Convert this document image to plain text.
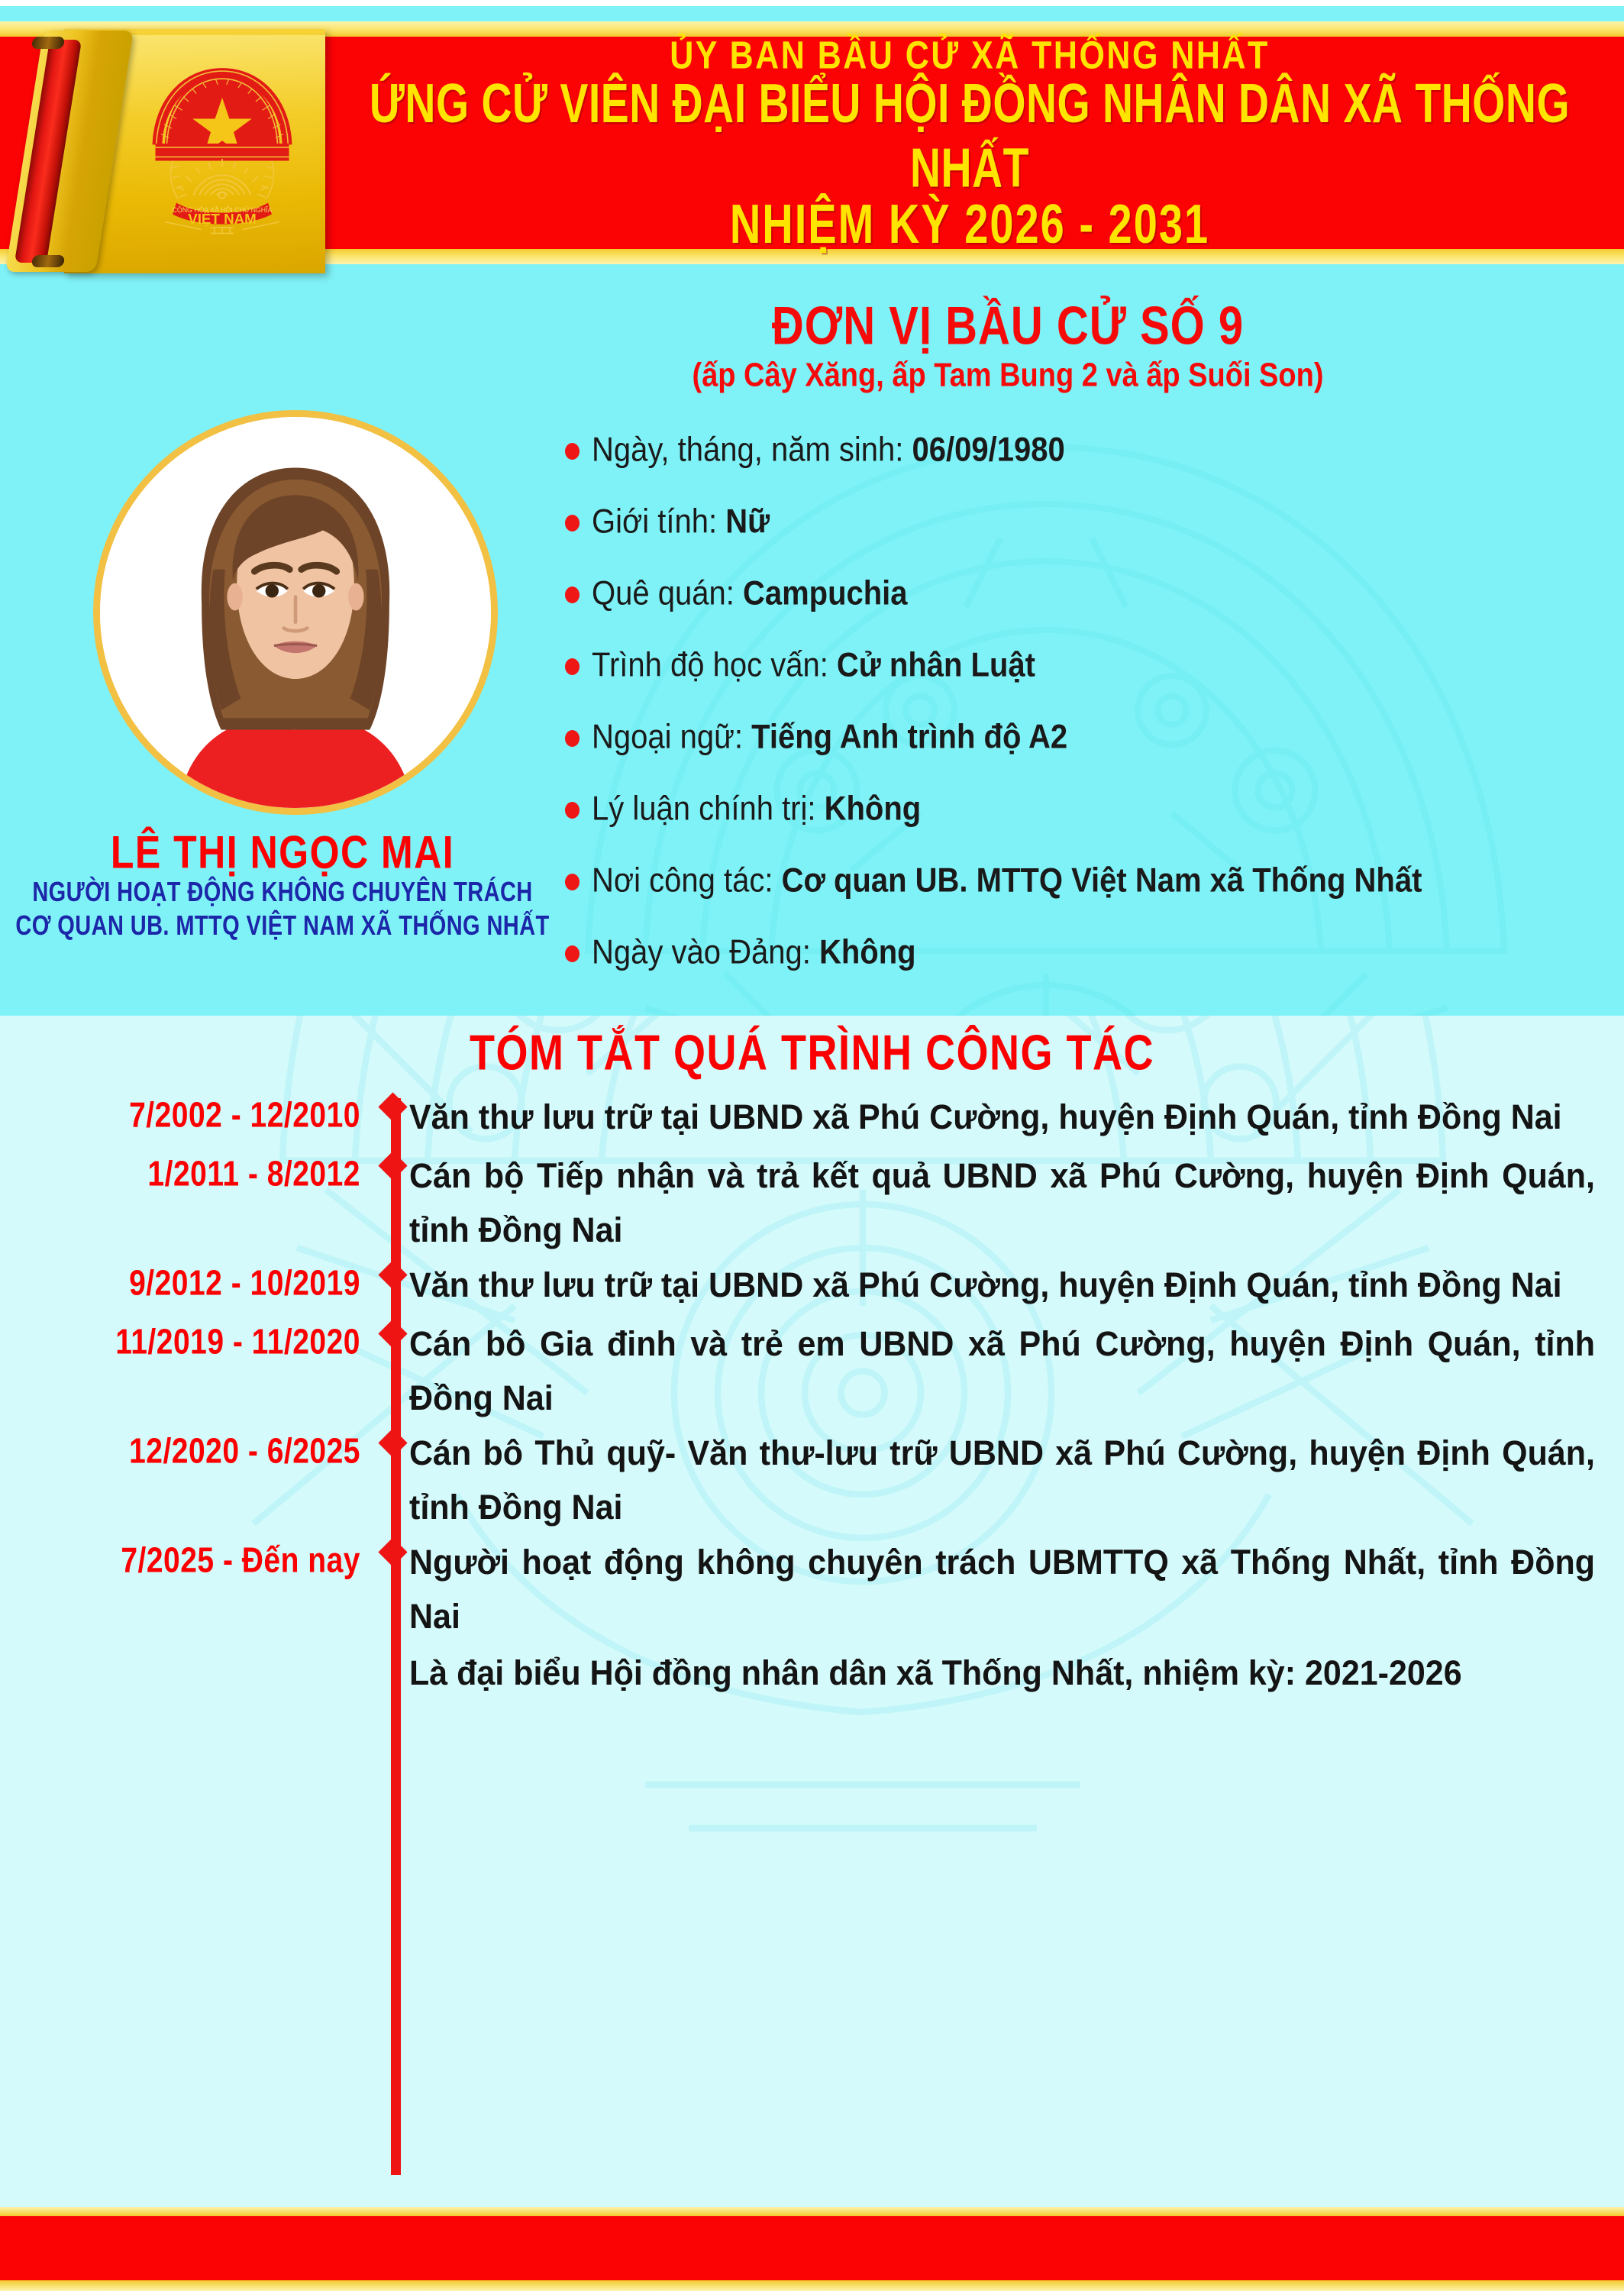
ỦY BAN BẦU CỬ XÃ THỐNG NHẤT
ỨNG CỬ VIÊN ĐẠI BIỂU HỘI ĐỒNG NHÂN DÂN XÃ THỐNG NHẤT
NHIỆM KỲ 2026 - 2031
CỘNG HÒA XÃ HỘI CHỦ NGHĨA
VIỆT NAM
ĐƠN VỊ BẦU CỬ SỐ 9
(ấp Cây Xăng, ấp Tam Bung 2 và ấp Suối Son)
LÊ THỊ NGỌC MAI
NGƯỜI HOẠT ĐỘNG KHÔNG CHUYÊN TRÁCH
CƠ QUAN UB. MTTQ VIỆT NAM XÃ THỐNG NHẤT
Ngày, tháng, năm sinh: 06/09/1980
Giới tính: Nữ
Quê quán: Campuchia
Trình độ học vấn: Cử nhân Luật
Ngoại ngữ: Tiếng Anh trình độ A2
Lý luận chính trị: Không
Nơi công tác: Cơ quan UB. MTTQ Việt Nam xã Thống Nhất
Ngày vào Đảng: Không
TÓM TẮT QUÁ TRÌNH CÔNG TÁC
7/2002 - 12/2010	Văn thư lưu trữ tại UBND xã Phú Cường, huyện Định Quán, tỉnh Đồng Nai

1/2011 - 8/2012	Cán bộ Tiếp nhận và trả kết quả UBND xã Phú Cường, huyện Định Quán, tỉnh Đồng Nai

9/2012 - 10/2019	Văn thư lưu trữ tại UBND xã Phú Cường, huyện Định Quán, tỉnh Đồng Nai

11/2019 - 11/2020	Cán bô Gia đinh và trẻ em UBND xã Phú Cường, huyện Định Quán, tỉnh Đồng Nai

12/2020 - 6/2025	Cán bô Thủ quỹ- Văn thư-lưu trữ UBND xã Phú Cường, huyện Định Quán, tỉnh Đồng Nai

7/2025 - Đến nay	Người hoạt động không chuyên trách UBMTTQ xã Thống Nhất, tỉnh Đồng Nai

Là đại biểu Hội đồng nhân dân xã Thống Nhất, nhiệm kỳ: 2021-2026
